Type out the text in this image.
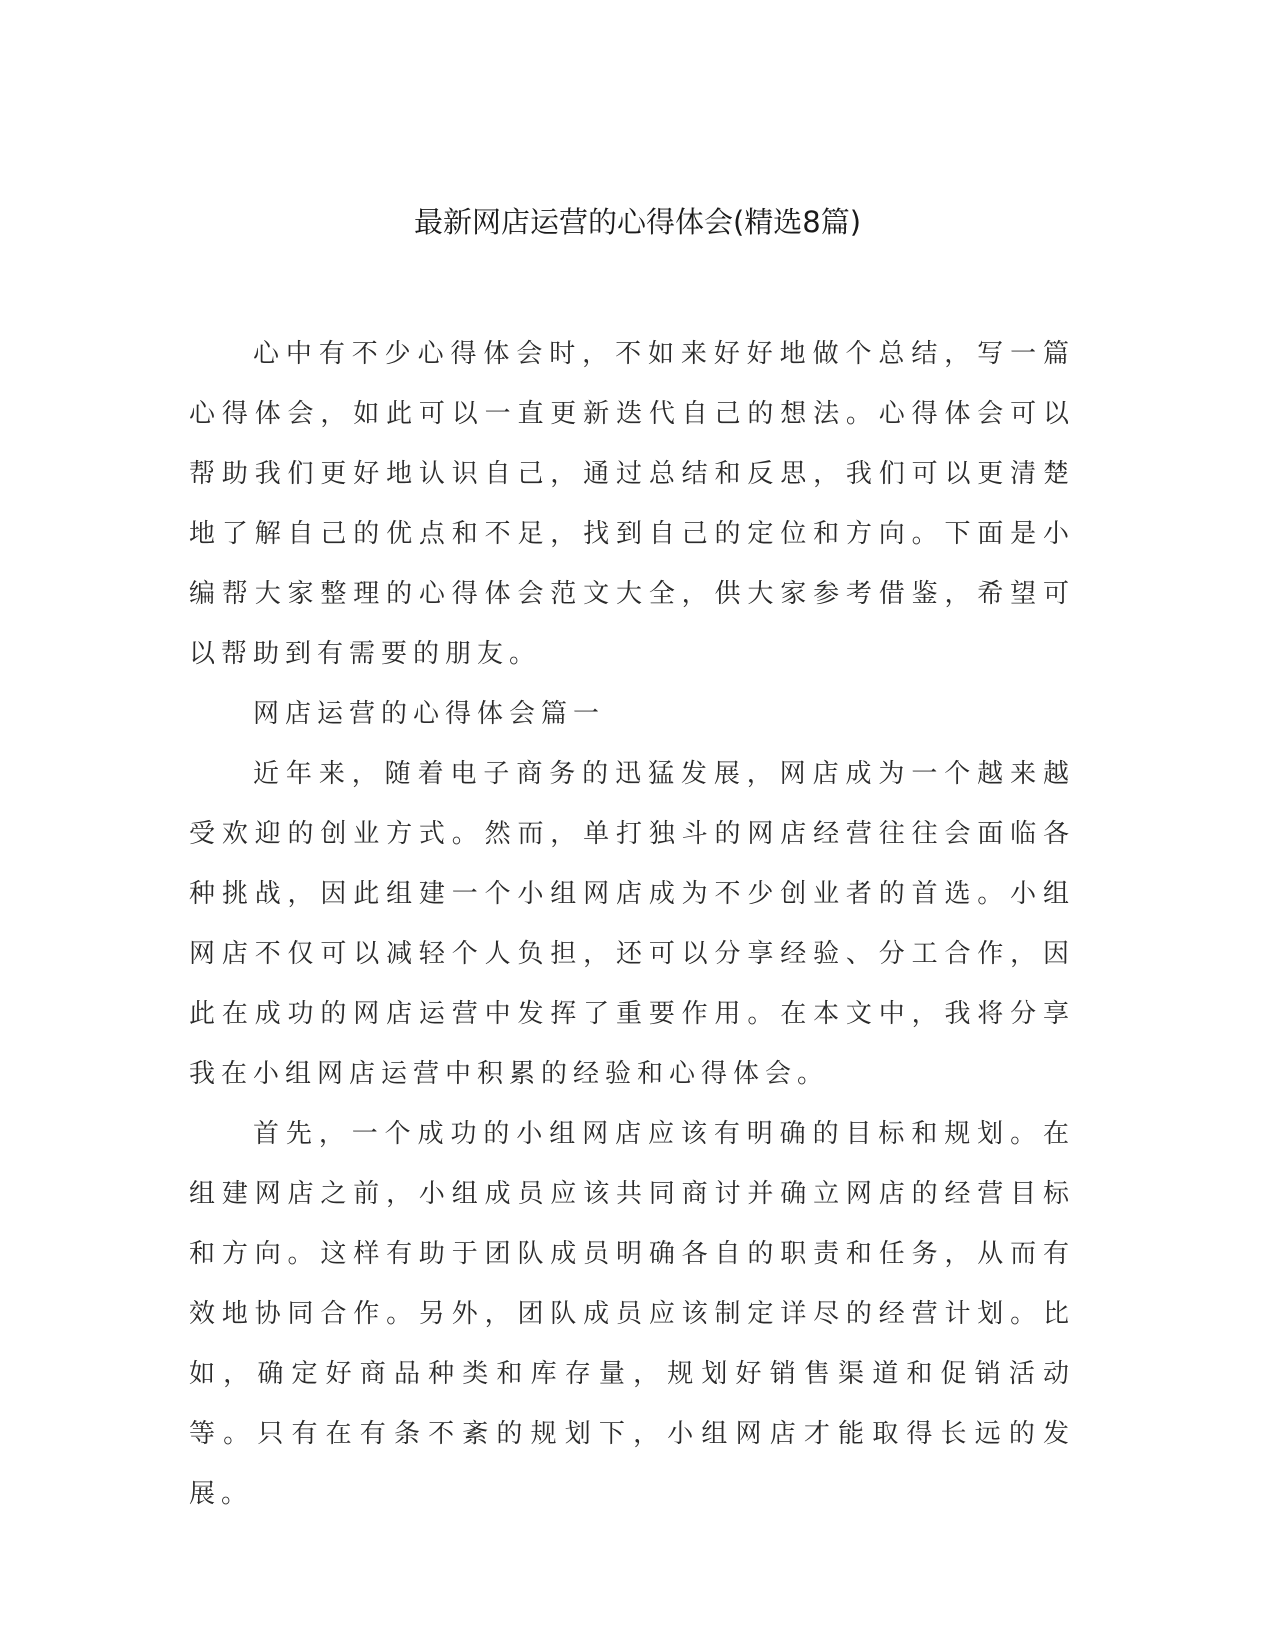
最新网店运营的心得体会(精选8篇)

心中有不少心得体会时，不如来好好地做个总结，写一篇心得体会，如此可以一直更新迭代自己的想法。心得体会可以帮助我们更好地认识自己，通过总结和反思，我们可以更清楚地了解自己的优点和不足，找到自己的定位和方向。下面是小编帮大家整理的心得体会范文大全，供大家参考借鉴，希望可以帮助到有需要的朋友。

网店运营的心得体会篇一

近年来，随着电子商务的迅猛发展，网店成为一个越来越受欢迎的创业方式。然而，单打独斗的网店经营往往会面临各种挑战，因此组建一个小组网店成为不少创业者的首选。小组网店不仅可以减轻个人负担，还可以分享经验、分工合作，因此在成功的网店运营中发挥了重要作用。在本文中，我将分享我在小组网店运营中积累的经验和心得体会。

首先，一个成功的小组网店应该有明确的目标和规划。在组建网店之前，小组成员应该共同商讨并确立网店的经营目标和方向。这样有助于团队成员明确各自的职责和任务，从而有效地协同合作。另外，团队成员应该制定详尽的经营计划。比如，确定好商品种类和库存量，规划好销售渠道和促销活动等。只有在有条不紊的规划下，小组网店才能取得长远的发展。
